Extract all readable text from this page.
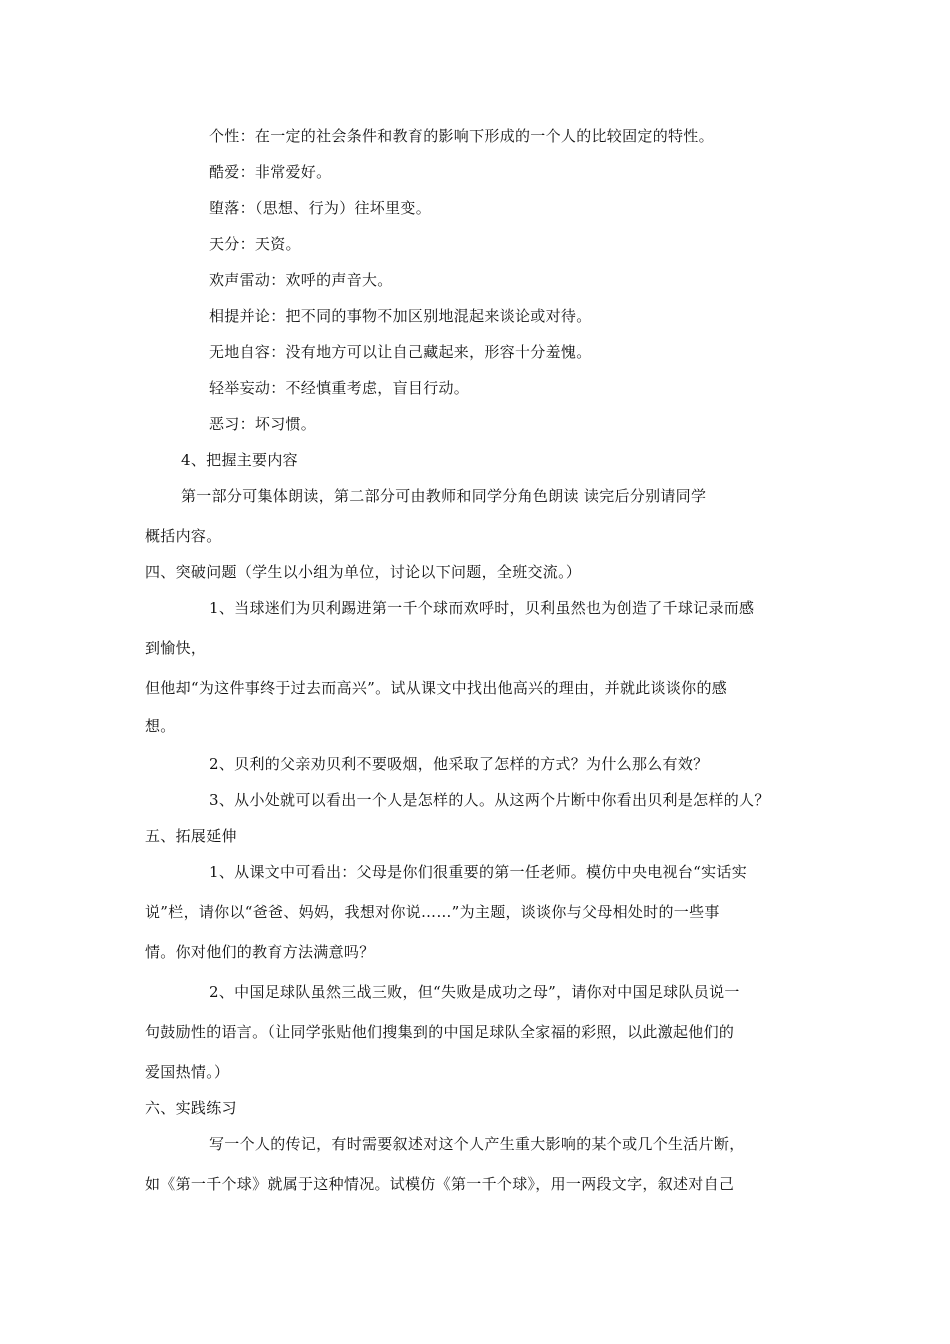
个性：在一定的社会条件和教育的影响下形成的一个人的比较固定的特性。
酷爱：非常爱好。
堕落：（思想、行为）往坏里变。
天分：天资。
欢声雷动：欢呼的声音大。
相提并论：把不同的事物不加区别地混起来谈论或对待。
无地自容：没有地方可以让自己藏起来，形容十分羞愧。
轻举妄动：不经慎重考虑，盲目行动。
恶习：坏习惯。
4、把握主要内容
第一部分可集体朗读，第二部分可由教师和同学分角色朗读 读完后分别请同学
概括内容。
四、突破问题（学生以小组为单位，讨论以下问题，全班交流。）
1、当球迷们为贝利踢进第一千个球而欢呼时，贝利虽然也为创造了千球记录而感
到愉快，
但他却“为这件事终于过去而高兴”。试从课文中找出他高兴的理由，并就此谈谈你的感
想。
2、贝利的父亲劝贝利不要吸烟，他采取了怎样的方式？为什么那么有效？
3、从小处就可以看出一个人是怎样的人。从这两个片断中你看出贝利是怎样的人？
五、拓展延伸
1、从课文中可看出：父母是你们很重要的第一任老师。模仿中央电视台“实话实
说”栏，请你以“爸爸、妈妈，我想对你说……”为主题，谈谈你与父母相处时的一些事
情。你对他们的教育方法满意吗？
2、中国足球队虽然三战三败，但“失败是成功之母”，请你对中国足球队员说一
句鼓励性的语言。（让同学张贴他们搜集到的中国足球队全家福的彩照，以此激起他们的
爱国热情。）
六、实践练习
写一个人的传记，有时需要叙述对这个人产生重大影响的某个或几个生活片断，
如《第一千个球》就属于这种情况。试模仿《第一千个球》，用一两段文字，叙述对自己
